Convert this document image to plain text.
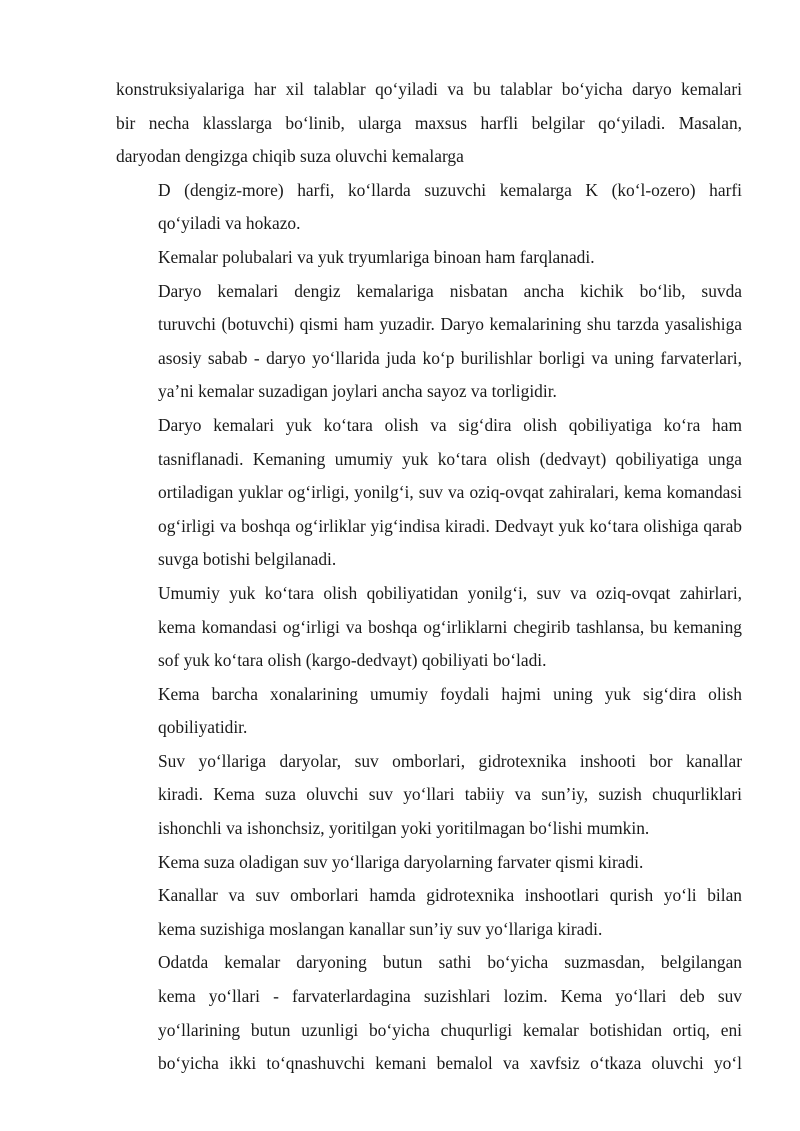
konstruksiyalariga har xil talablar qo‘yiladi va bu talablar bo‘yicha daryo kemalari
bir necha klasslarga bo‘linib, ularga maxsus harfli belgilar qo‘yiladi. Masalan,
daryodan dengizga chiqib suza oluvchi kemalarga

D (dengiz-more) harfi, ko‘llarda suzuvchi kemalarga K (ko‘l-ozero) harfi
qo‘yiladi va hokazo.

Kemalar polubalari va yuk tryumlariga binoan ham farqlanadi.

Daryo kemalari dengiz kemalariga nisbatan ancha kichik bo‘lib, suvda
turuvchi (botuvchi) qismi ham yuzadir. Daryo kemalarining shu tarzda yasalishiga
asosiy sabab - daryo yo‘llarida juda ko‘p burilishlar borligi va uning farvaterlari,
ya’ni kemalar suzadigan joylari ancha sayoz va torligidir.

Daryo kemalari yuk ko‘tara olish va sig‘dira olish qobiliyatiga ko‘ra ham
tasniflanadi. Kemaning umumiy yuk ko‘tara olish (dedvayt) qobiliyatiga unga
ortiladigan yuklar og‘irligi, yonilg‘i, suv va oziq-ovqat zahiralari, kema komandasi
og‘irligi va boshqa og‘irliklar yig‘indisa kiradi. Dedvayt yuk ko‘tara olishiga qarab
suvga botishi belgilanadi.

Umumiy yuk ko‘tara olish qobiliyatidan yonilg‘i, suv va oziq-ovqat zahirlari,
kema komandasi og‘irligi va boshqa og‘irliklarni chegirib tashlansa, bu kemaning
sof yuk ko‘tara olish (kargo-dedvayt) qobiliyati bo‘ladi.

Kema barcha xonalarining umumiy foydali hajmi uning yuk sig‘dira olish
qobiliyatidir.

Suv yo‘llariga daryolar, suv omborlari, gidrotexnika inshooti bor kanallar
kiradi. Kema suza oluvchi suv yo‘llari tabiiy va sun’iy, suzish chuqurliklari
ishonchli va ishonchsiz, yoritilgan yoki yoritilmagan bo‘lishi mumkin.

Kema suza oladigan suv yo‘llariga daryolarning farvater qismi kiradi.

Kanallar va suv omborlari hamda gidrotexnika inshootlari qurish yo‘li bilan
kema suzishiga moslangan kanallar sun’iy suv yo‘llariga kiradi.

Odatda kemalar daryoning butun sathi bo‘yicha suzmasdan, belgilangan
kema yo‘llari - farvaterlardagina suzishlari lozim. Kema yo‘llari deb suv
yo‘llarining butun uzunligi bo‘yicha chuqurligi kemalar botishidan ortiq, eni
bo‘yicha ikki to‘qnashuvchi kemani bemalol va xavfsiz o‘tkaza oluvchi yo‘l
